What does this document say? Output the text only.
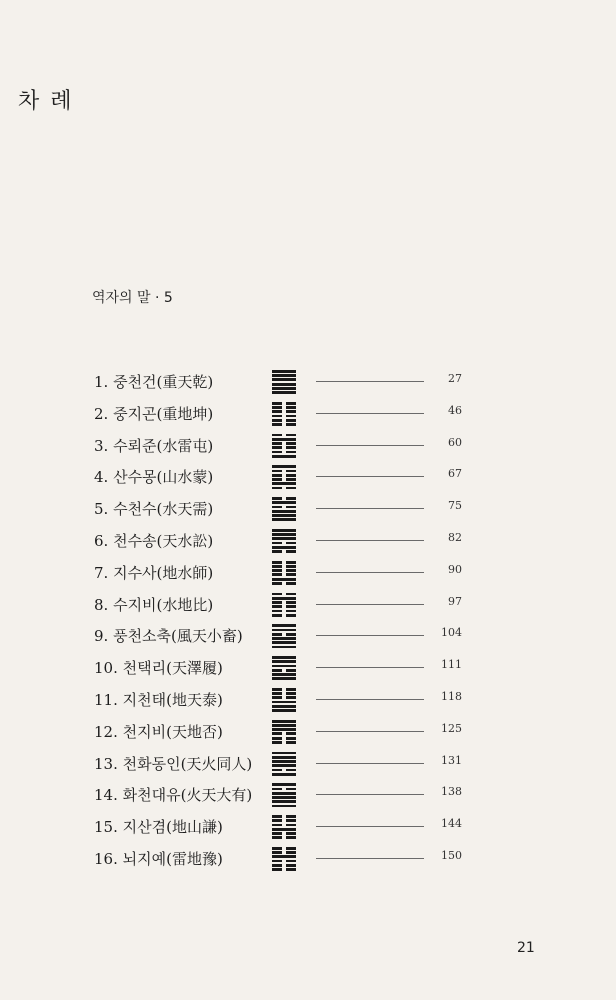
차 례
역자의 말 · 5
1. 중천건(重天乾)	27
2. 중지곤(重地坤)	46
3. 수뢰준(水雷屯)	60
4. 산수몽(山水蒙)	67
5. 수천수(水天需)	75
6. 천수송(天水訟)	82
7. 지수사(地水師)	90
8. 수지비(水地比)	97
9. 풍천소축(風天小畜)	104
10. 천택리(天澤履)	111
11. 지천태(地天泰)	118
12. 천지비(天地否)	125
13. 천화동인(天火同人)	131
14. 화천대유(火天大有)	138
15. 지산겸(地山謙)	144
16. 뇌지예(雷地豫)	150
21
